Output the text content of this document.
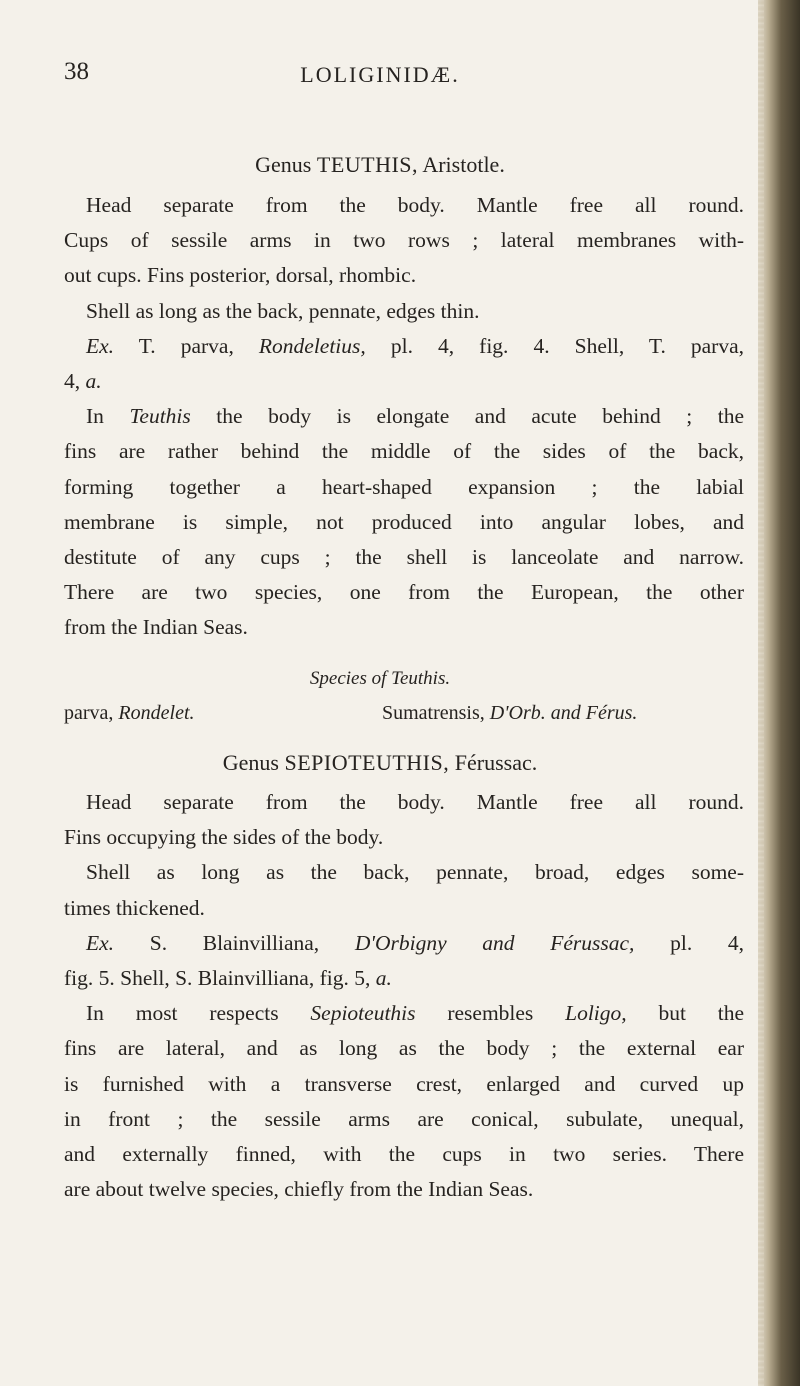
38	LOLIGINIDÆ.
Genus TEUTHIS, Aristotle.

Head separate from the body. Mantle free all round.

Cups of sessile arms in two rows ; lateral membranes with-

out cups. Fins posterior, dorsal, rhombic.

Shell as long as the back, pennate, edges thin.

Ex. T. parva, Rondeletius, pl. 4, fig. 4. Shell, T. parva,

4, a.

In Teuthis the body is elongate and acute behind ; the

fins are rather behind the middle of the sides of the back,

forming together a heart-shaped expansion ; the labial

membrane is simple, not produced into angular lobes, and

destitute of any cups ; the shell is lanceolate and narrow.

There are two species, one from the European, the other

from the Indian Seas.

Species of Teuthis.
parva, Rondelet.	Sumatrensis, D'Orb. and Férus.
Genus SEPIOTEUTHIS, Férussac.

Head separate from the body. Mantle free all round.

Fins occupying the sides of the body.

Shell as long as the back, pennate, broad, edges some-

times thickened.

Ex. S. Blainvilliana, D'Orbigny and Férussac, pl. 4,

fig. 5. Shell, S. Blainvilliana, fig. 5, a.

In most respects Sepioteuthis resembles Loligo, but the

fins are lateral, and as long as the body ; the external ear

is furnished with a transverse crest, enlarged and curved up

in front ; the sessile arms are conical, subulate, unequal,

and externally finned, with the cups in two series. There

are about twelve species, chiefly from the Indian Seas.
